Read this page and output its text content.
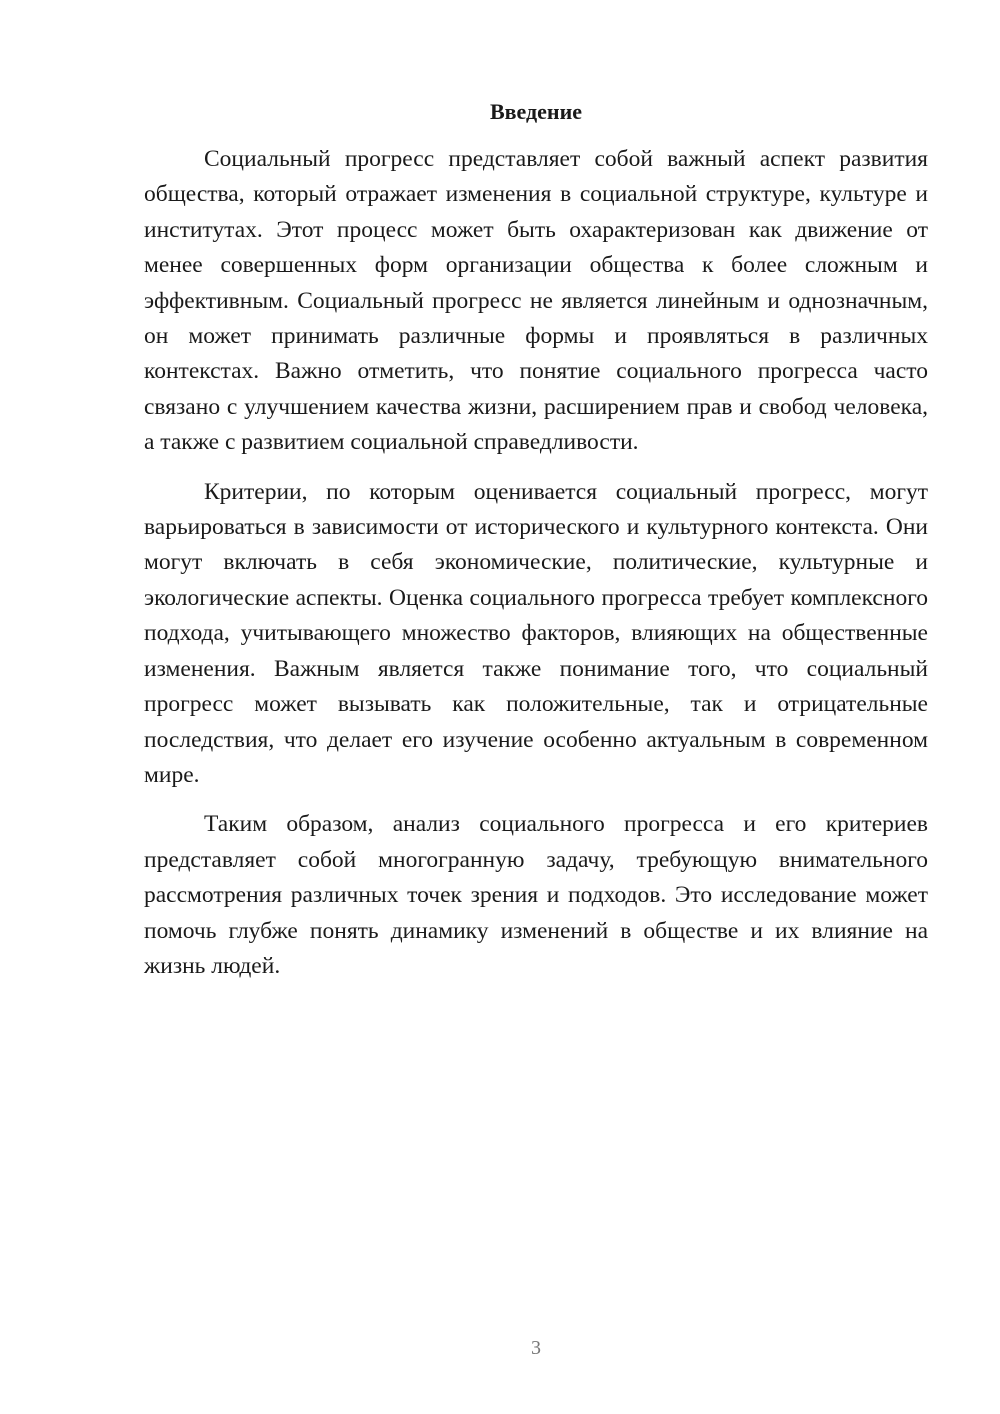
Введение

Социальный прогресс представляет собой важный аспект развития общества, который отражает изменения в социальной структуре, культуре и институтах. Этот процесс может быть охарактеризован как движение от менее совершенных форм организации общества к более сложным и эффективным. Социальный прогресс не является линейным и однозначным, он может принимать различные формы и проявляться в различных контекстах. Важно отметить, что понятие социального прогресса часто связано с улучшением качества жизни, расширением прав и свобод человека, а также с развитием социальной справедливости.

Критерии, по которым оценивается социальный прогресс, могут варьироваться в зависимости от исторического и культурного контекста. Они могут включать в себя экономические, политические, культурные и экологические аспекты. Оценка социального прогресса требует комплексного подхода, учитывающего множество факторов, влияющих на общественные изменения. Важным является также понимание того, что социальный прогресс может вызывать как положительные, так и отрицательные последствия, что делает его изучение особенно актуальным в современном мире.

Таким образом, анализ социального прогресса и его критериев представляет собой многогранную задачу, требующую внимательного рассмотрения различных точек зрения и подходов. Это исследование может помочь глубже понять динамику изменений в обществе и их влияние на жизнь людей.

3
